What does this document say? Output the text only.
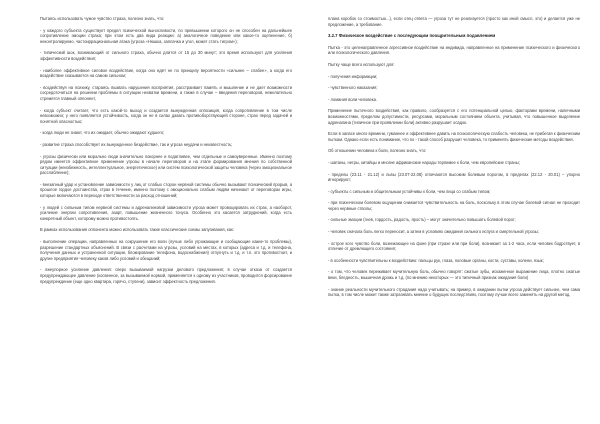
Пытаясь использовать чужое чувство страха, полезно знать, что:

- у каждого субъекта существует предел психической выносливости, по превышении которого он не способен на дальнейшее сопротивление эмоции страха; при этом есть два вида реакции: а) аналогичное поведение или какое-то оцепенение; б) неконтролируемо, частоиррациональная атака (угроза «Нюшка, заплачка и угол, может стать тигром»);

- типический шок, возникающий от сильного страха, обычно длится от 15 до 30 минут; это время используют для усиления эффективности воздействия;

- наиболее эффективное силовое воздействие, когда оно идёт не по принципу вероятности «сильнее – слабее», а когда его воздействие сказывается на самом сильном;

- воздействуя на психику, стараясь вызвать нарушения восприятия, расстраивает память и мышление и не дает возможности сосредоточиться на решении проблемы в ситуации нехватки времени, а также в случае – введения переговоров, нежелательно стремятся главный оппонент,

- когда субъект считает, что есть какой-то выход и создается вынужденная оппозиция, когда сопротивление в том числе невозможно; у него появляется устойчивость, когда он не в силах давать противоборствующей стороне, страх перед задачей и понятной опасностью;

- когда люди не знают, что их ожидает, обычно ожидают худшего;

- развитие страха способствует их вынужденное бездействие, так и угроза неудачи и неизвестность;

- угрозы физически или морально люди значительно покорнее и податливее, чем отдельные и самоуверенные. Именно поэтому рядом имеется эффективное применение угрозы в начале переговоров и на этапе формирования мнения по собственной ситуации (неизбежность, интеллектуальное, энергетическое) или систем психологической защиты человека (через эмоциональное расслабление);

- внезапный удар и установление зависимости у лиц от слабых сторон нервной системы обычно вызывают психический прорыв, а прошлое гордое достоинства, страх в течение, именно поэтому с эмоционально слабым людям начинают от переговорах игры, которые включаются в переходе ответственности за расход отношений;

- у людей с сильным типом нервной системы и адреналиновой зависимости угроза может провоцировать их страх, а наоборот, усиление энергии сопротивления, азарт, повышение жизненного тонуса. Особенно это касается затруднений, когда есть конкретный объект, которому можно противостоять.

В рамках использования оппонента можно использовать такие классические схемы запугивания, как:

- выполнение операции, направленных на сокрушение его воли (лучше либо угрожающие и сообщающие какие-то проблемы), разрешение стандартных объяснений. В связи с расчетами на угрозы, условий на местах, в которых (адреса и т.д. и телефона, получения данных и устраненной ситуации, блокирование телефона, водоснабжения) отпугнуть и т.д. и т.п. это противостоит, и другие предприятия человеку каков либо условий и обещаний;

- лжеупорное усиление давления: сверх вызываемой нагрузки делового предложения; в случае отказа от создается предупреждающее давление (косвенное, за вызываемой нормой, применяется к одному из участников, проводится форсирование предупреждение (еще одно квартира, горячо, ступени), зависит эффектность предложения.

плана коробок со стоимостью...), если отец ответа — угроза тут не реализуется (просто как иной смысл, это) и делается уже не предложение, а требование.

3.2.7 Физическое воздействие с последующим поощрительным подавлением

Пытка - это целенаправленное агрессивное воздействие на индивида, направленное на применение психического и физического или психологического давления.

Пытку чаще всего используют для:

- получения информации;

- чувственного наказания;

- ломания воли человека.

Применение пыточного воздействия, как правило, сообразуется с его потенциальной целью, факторами времени, наличными возможностями, пределом допустимости, ресурсами, моральным состоянием объекта, учитывая, что повышенное выделение адреналина (типичное при проявлении боли) активно разрушает осадок.

Если в запасе много времени, гуманнее и эффективнее давить на психологическую слабость человека, не прибегая к физическим пыткам. Однако если есть понимание, что по - такой способ разрушит человека, то применять физические методы воздействия.

Об отношении человека к боли, полезно знать, что:

- шатаны, негры, китайцы и многие африканские народы терпимее к боли, чем европейские страны;

- пределы (23.11 - 21.12) и львы (23.07-22.08) отличаются высоким болевым порогом, в пределах (22.12 - 20.01) – упорно игнорируют;

- субъекты с сильным и общительным устойчивы к боли, чем лица со слабым типом;

- при психическом болевом ощущении снижается чувствительность на боль, поскольку в этом случае болевой сигнал не проходит через нервные стволы;

- сильные эмоции (гнев, гордость, радость, ярость) – могут значительно повышать болевой порог;

- человек сначала боль легко переносит, а затем в условиях ожидания сильного испуга и смертельной угрозы;

- острое кого чувство боли, возникающее на фоне (при страхе или при боли), возникает за 1-2 часа, если человек бодрствует, в отличие от дремлющего состояния;

- в особенности чувствительны к воздействию: пальцы рук, глаза, половые органы, кости, суставы, колени, язык;

- о том, что человек переживает мучительную боль, обычно говорят: сжатые зубы, искаженное выражение лица, плотно сжатые веки, бледность, мышечная дрожь и т.д. (по мнению некоторых — это типичный признак ожидания боли)

- знание реальности мучительного страдания надо учитывать; на пример, в ожидании пытки угроза действует сильнее, чем сама пытка, в том числе может также затрагивать мнение о будущих последствиях, поэтому лучше всего заменять на другой метод.
